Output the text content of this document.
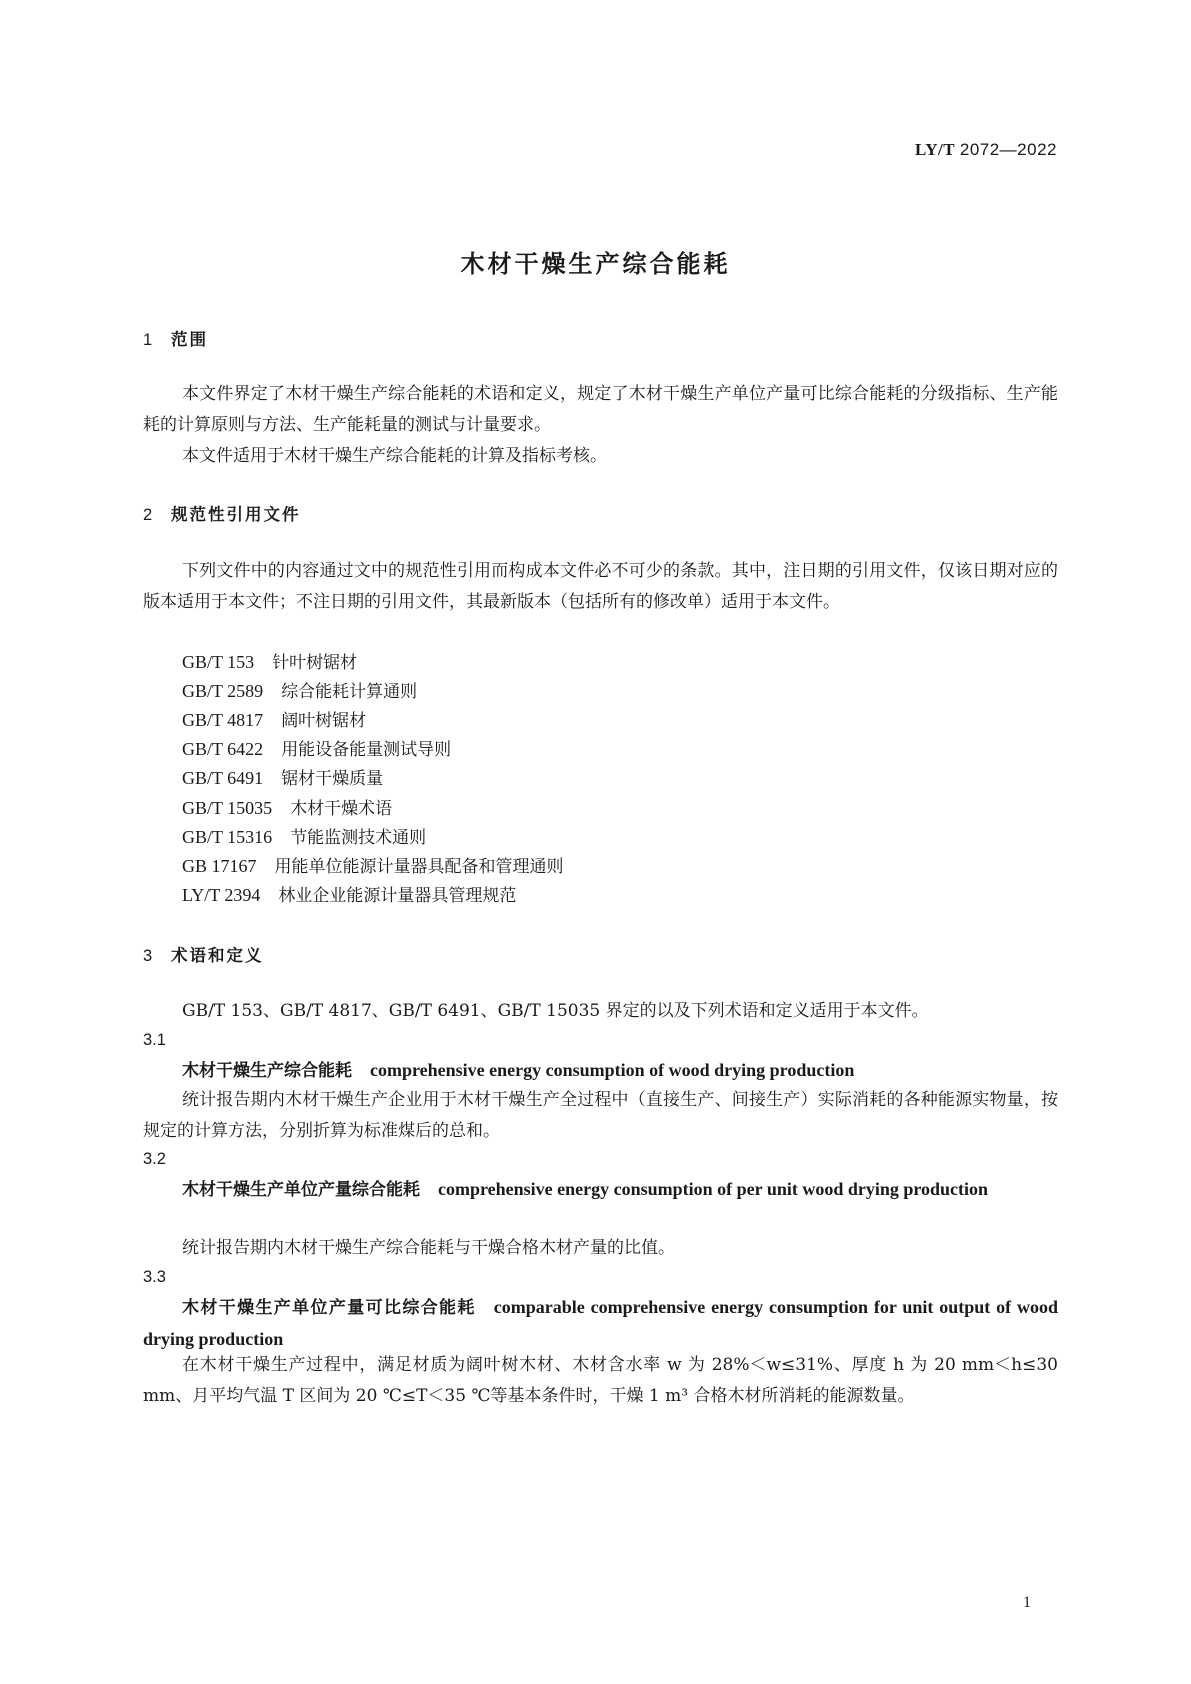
LY/T 2072—2022
木材干燥生产综合能耗
1 范围
本文件界定了木材干燥生产综合能耗的术语和定义，规定了木材干燥生产单位产量可比综合能耗的分级指标、生产能耗的计算原则与方法、生产能耗量的测试与计量要求。
本文件适用于木材干燥生产综合能耗的计算及指标考核。
2 规范性引用文件
下列文件中的内容通过文中的规范性引用而构成本文件必不可少的条款。其中，注日期的引用文件，仅该日期对应的版本适用于本文件；不注日期的引用文件，其最新版本（包括所有的修改单）适用于本文件。
GB/T 153 针叶树锯材
GB/T 2589 综合能耗计算通则
GB/T 4817 阔叶树锯材
GB/T 6422 用能设备能量测试导则
GB/T 6491 锯材干燥质量
GB/T 15035 木材干燥术语
GB/T 15316 节能监测技术通则
GB 17167 用能单位能源计量器具配备和管理通则
LY/T 2394 林业企业能源计量器具管理规范
3 术语和定义
GB/T 153、GB/T 4817、GB/T 6491、GB/T 15035 界定的以及下列术语和定义适用于本文件。
3.1
木材干燥生产综合能耗 comprehensive energy consumption of wood drying production
统计报告期内木材干燥生产企业用于木材干燥生产全过程中（直接生产、间接生产）实际消耗的各种能源实物量，按规定的计算方法，分别折算为标准煤后的总和。
3.2
木材干燥生产单位产量综合能耗 comprehensive energy consumption of per unit wood drying production
统计报告期内木材干燥生产综合能耗与干燥合格木材产量的比值。
3.3
木材干燥生产单位产量可比综合能耗 comparable comprehensive energy consumption for unit output of wood drying production
在木材干燥生产过程中，满足材质为阔叶树木材、木材含水率 w 为 28%＜w≤31%、厚度 h 为 20 mm＜h≤30 mm、月平均气温 T 区间为 20 ℃≤T＜35 ℃等基本条件时，干燥 1 m³ 合格木材所消耗的能源数量。
1
